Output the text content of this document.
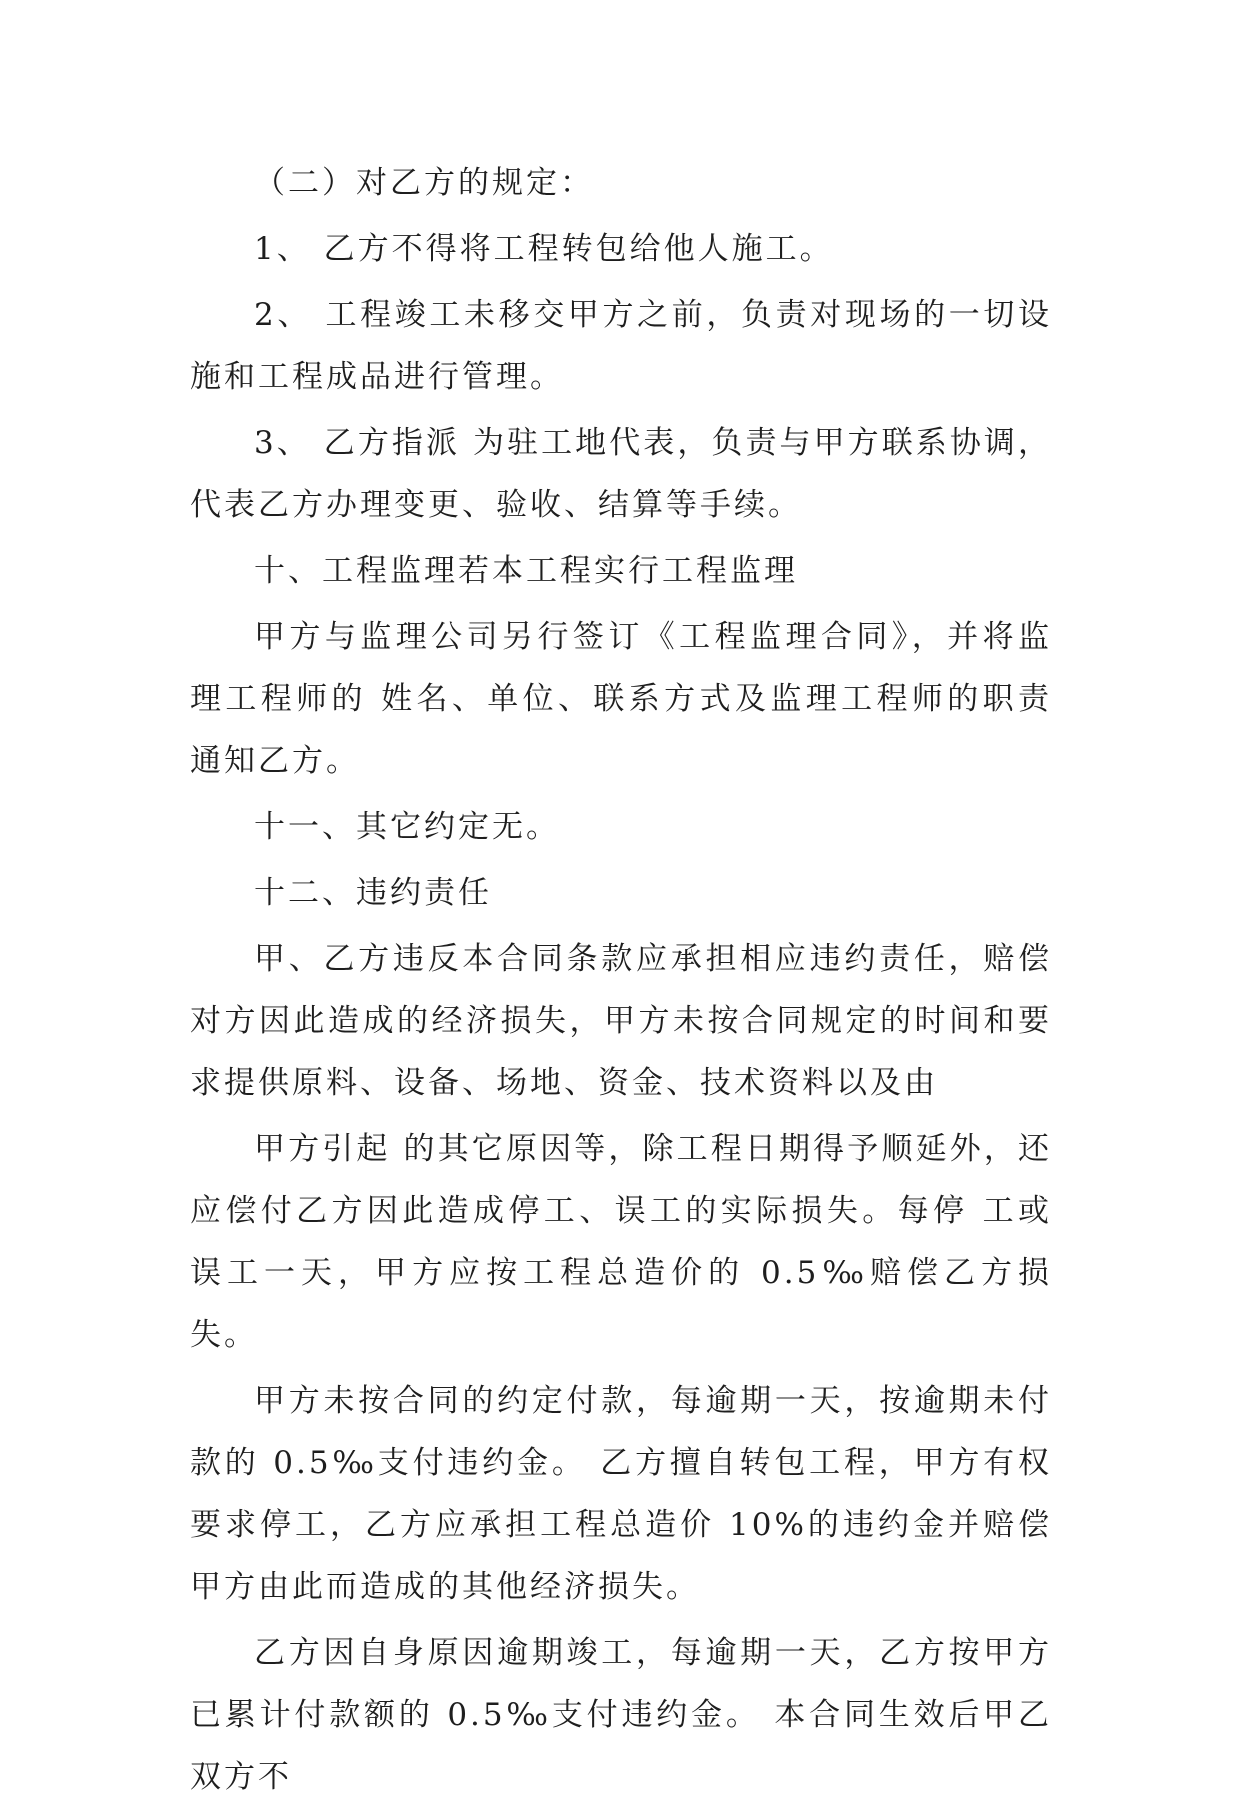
（二）对乙方的规定：

1、 乙方不得将工程转包给他人施工。

2、 工程竣工未移交甲方之前，负责对现场的一切设施和工程成品进行管理。

3、 乙方指派 为驻工地代表，负责与甲方联系协调，代表乙方办理变更、验收、结算等手续。

十、工程监理若本工程实行工程监理

甲方与监理公司另行签订《工程监理合同》，并将监理工程师的 姓名、单位、联系方式及监理工程师的职责通知乙方。

十一、其它约定无。

十二、违约责任

甲、乙方违反本合同条款应承担相应违约责任，赔偿对方因此造成的经济损失，甲方未按合同规定的时间和要求提供原料、设备、场地、资金、技术资料以及由

甲方引起 的其它原因等，除工程日期得予顺延外，还应偿付乙方因此造成停工、误工的实际损失。每停 工或误工一天，甲方应按工程总造价的 0.5‰赔偿乙方损失。

甲方未按合同的约定付款，每逾期一天，按逾期未付款的 0.5‰支付违约金。 乙方擅自转包工程，甲方有权要求停工，乙方应承担工程总造价 10%的违约金并赔偿甲方由此而造成的其他经济损失。

乙方因自身原因逾期竣工，每逾期一天，乙方按甲方已累计付款额的 0.5‰支付违约金。 本合同生效后甲乙双方不
